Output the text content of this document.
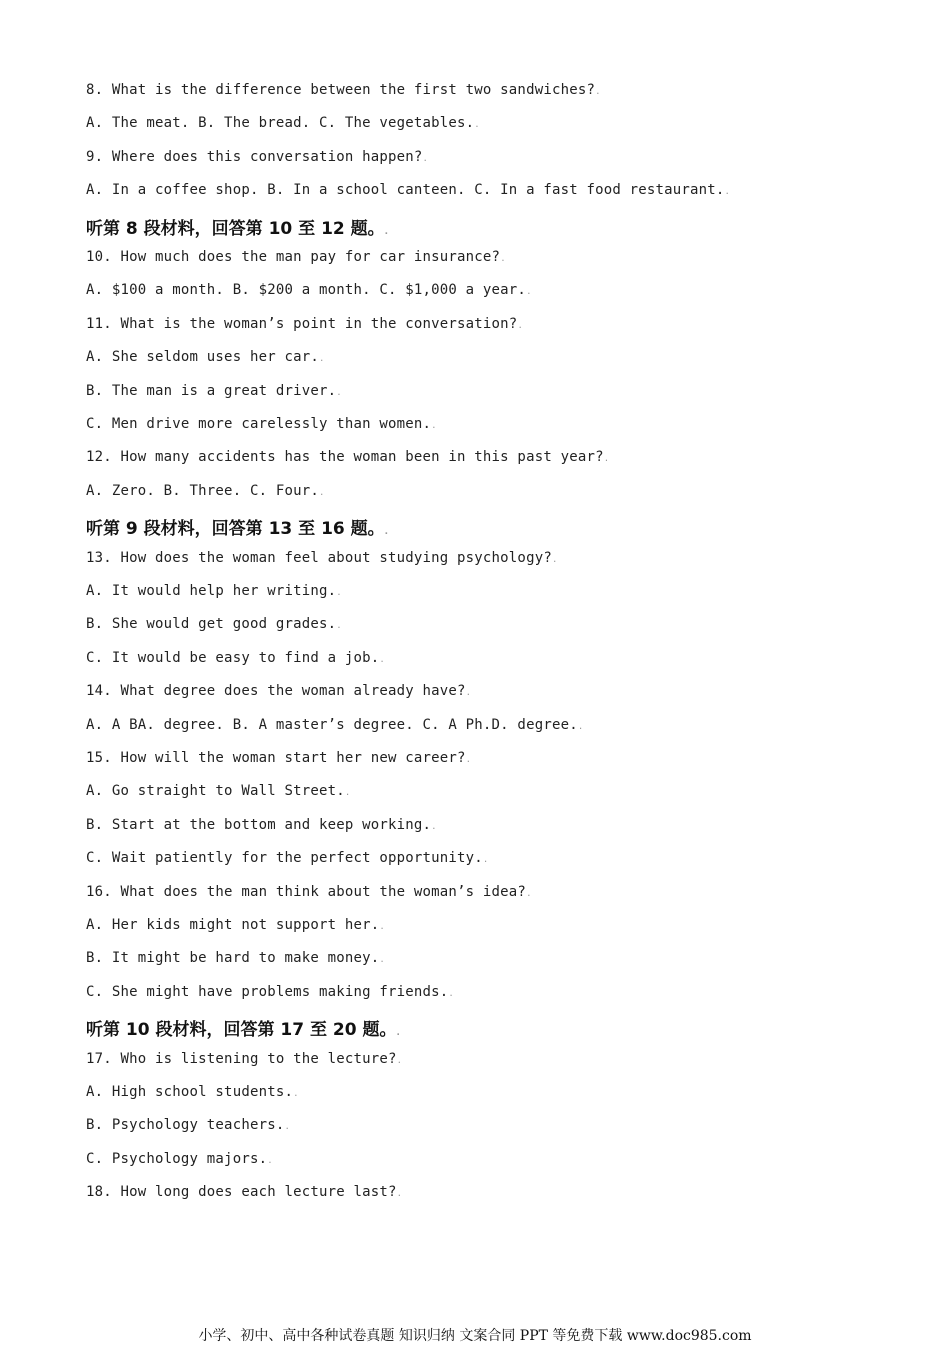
8. What is the difference between the first two sandwiches?.
A. The meat. B. The bread. C. The vegetables..
9. Where does this conversation happen?.
A. In a coffee shop. B. In a school canteen. C. In a fast food restaurant..
听第 8 段材料，回答第 10 至 12 题。.
10. How much does the man pay for car insurance?.
A. $100 a month. B. $200 a month. C. $1,000 a year..
11. What is the woman’s point in the conversation?.
A. She seldom uses her car..
B. The man is a great driver..
C. Men drive more carelessly than women..
12. How many accidents has the woman been in this past year?.
A. Zero. B. Three. C. Four..
听第 9 段材料，回答第 13 至 16 题。.
13. How does the woman feel about studying psychology?.
A. It would help her writing..
B. She would get good grades..
C. It would be easy to find a job..
14. What degree does the woman already have?.
A. A BA. degree. B. A master’s degree. C. A Ph.D. degree..
15. How will the woman start her new career?.
A. Go straight to Wall Street..
B. Start at the bottom and keep working..
C. Wait patiently for the perfect opportunity..
16. What does the man think about the woman’s idea?.
A. Her kids might not support her..
B. It might be hard to make money..
C. She might have problems making friends..
听第 10 段材料，回答第 17 至 20 题。.
17. Who is listening to the lecture?.
A. High school students..
B. Psychology teachers..
C. Psychology majors..
18. How long does each lecture last?.
小学、初中、高中各种试卷真题 知识归纳 文案合同 PPT 等免费下载 www.doc985.com
